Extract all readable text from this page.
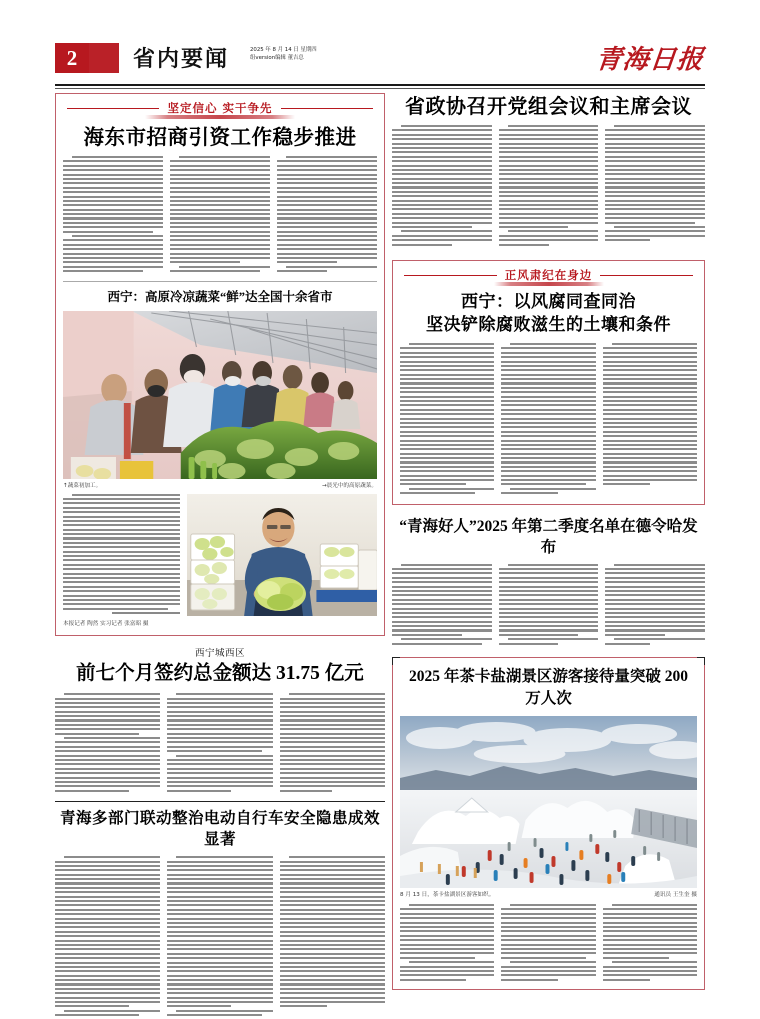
2	省内要闻	2025 年 8 月 14 日 星期四
组version编辑 董吉总	青海日报
坚定信心 实干争先
海东市招商引资工作稳步推进
西宁：高原冷凉蔬菜“鲜”达全国十余省市
↑蔬菜初加工。	→晨光中的高原蔬菜。
本报记者 陶然 实习记者 张富昭 摄
西宁城西区
前七个月签约总金额达 31.75 亿元
青海多部门联动整治电动自行车安全隐患成效显著
省政协召开党组会议和主席会议
正风肃纪在身边
西宁：以风腐同查同治
坚决铲除腐败滋生的土壤和条件
“青海好人”2025 年第二季度名单在德令哈发布
2025 年茶卡盐湖景区游客接待量突破 200 万人次
8 月 13 日，茶卡盐湖景区游客如织。	通讯员 王生奎 摄
